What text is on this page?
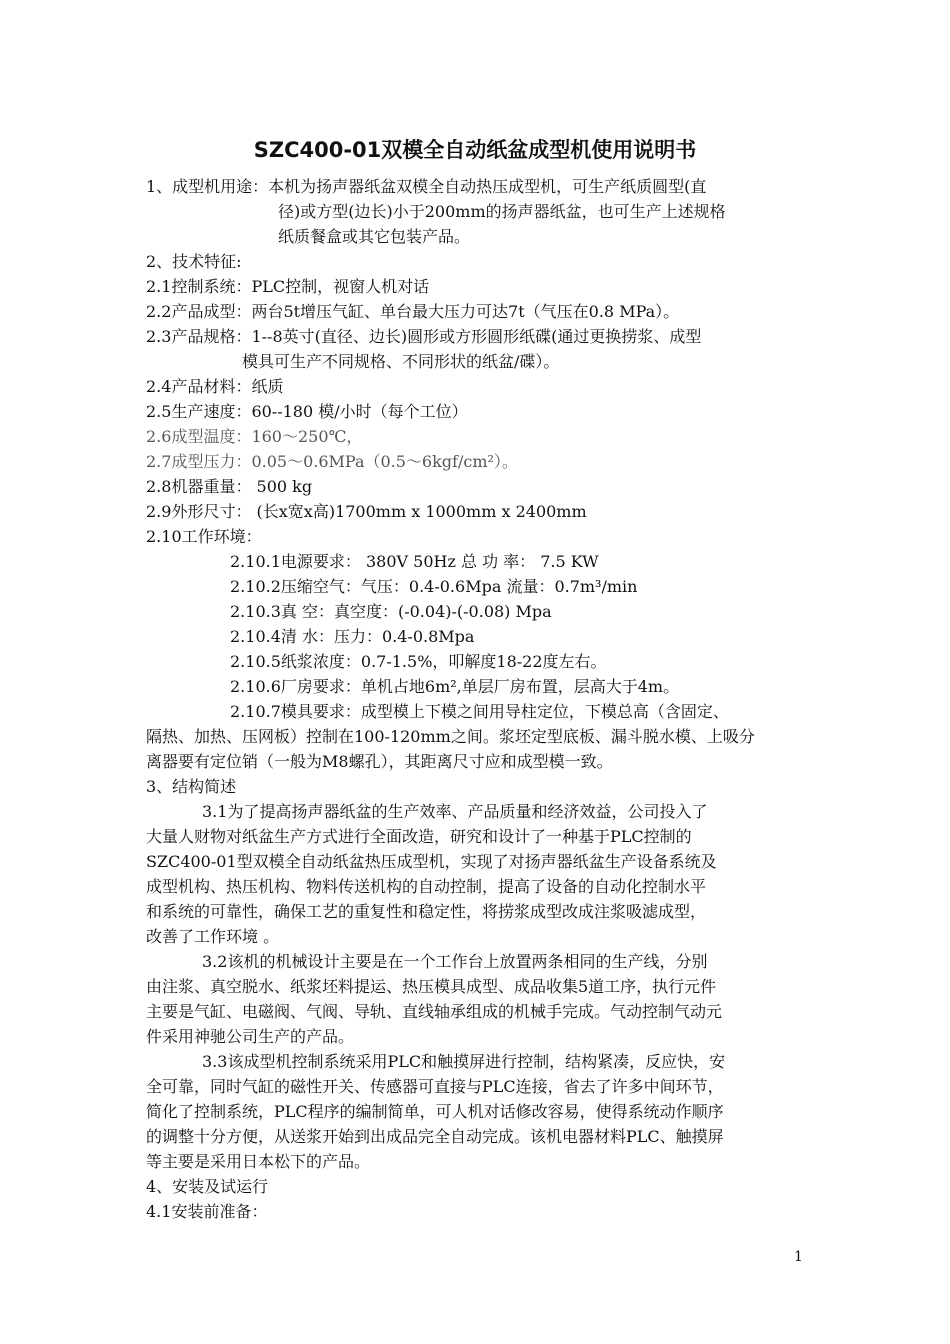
SZC400-01双模全自动纸盆成型机使用说明书
1、成型机用途：本机为扬声器纸盆双模全自动热压成型机，可生产纸质圆型(直
径)或方型(边长)小于200mm的扬声器纸盆，也可生产上述规格
纸质餐盒或其它包装产品。
2、技术特征:
2.1控制系统：PLC控制，视窗人机对话
2.2产品成型：两台5t增压气缸、单台最大压力可达7t（气压在0.8 MPa）。
2.3产品规格：1--8英寸(直径、边长)圆形或方形圆形纸碟(通过更换捞浆、成型
模具可生产不同规格、不同形状的纸盆/碟）。
2.4产品材料：纸质
2.5生产速度：60--180 模/小时（每个工位）
2.6成型温度：160～250℃，
2.7成型压力：0.05～0.6MPa（0.5～6kgf/cm²）。
2.8机器重量： 500 kg
2.9外形尺寸： (长x宽x高)1700mm x 1000mm x 2400mm
2.10工作环境：
2.10.1电源要求： 380V 50Hz 总 功 率： 7.5 KW
2.10.2压缩空气：气压：0.4-0.6Mpa 流量：0.7m³/min
2.10.3真 空：真空度：(-0.04)-(-0.08) Mpa
2.10.4清 水：压力：0.4-0.8Mpa
2.10.5纸浆浓度：0.7-1.5%，叩解度18-22度左右。
2.10.6厂房要求：单机占地6m²,单层厂房布置，层高大于4m。
2.10.7模具要求：成型模上下模之间用导柱定位，下模总高（含固定、
隔热、加热、压网板）控制在100-120mm之间。浆坯定型底板、漏斗脱水模、上吸分
离器要有定位销（一般为M8螺孔），其距离尺寸应和成型模一致。
3、结构简述
3.1为了提高扬声器纸盆的生产效率、产品质量和经济效益，公司投入了
大量人财物对纸盆生产方式进行全面改造，研究和设计了一种基于PLC控制的
SZC400-01型双模全自动纸盆热压成型机，实现了对扬声器纸盆生产设备系统及
成型机构、热压机构、物料传送机构的自动控制，提高了设备的自动化控制水平
和系统的可靠性，确保工艺的重复性和稳定性，将捞浆成型改成注浆吸滤成型，
改善了工作环境 。
3.2该机的机械设计主要是在一个工作台上放置两条相同的生产线，分别
由注浆、真空脱水、纸浆坯料提运、热压模具成型、成品收集5道工序，执行元件
主要是气缸、电磁阀、气阀、导轨、直线轴承组成的机械手完成。气动控制气动元
件采用神驰公司生产的产品。
3.3该成型机控制系统采用PLC和触摸屏进行控制，结构紧凑，反应快，安
全可靠，同时气缸的磁性开关、传感器可直接与PLC连接，省去了许多中间环节，
简化了控制系统，PLC程序的编制简单，可人机对话修改容易，使得系统动作顺序
的调整十分方便，从送浆开始到出成品完全自动完成。该机电器材料PLC、触摸屏
等主要是采用日本松下的产品。
4、安装及试运行
4.1安装前准备：
1
